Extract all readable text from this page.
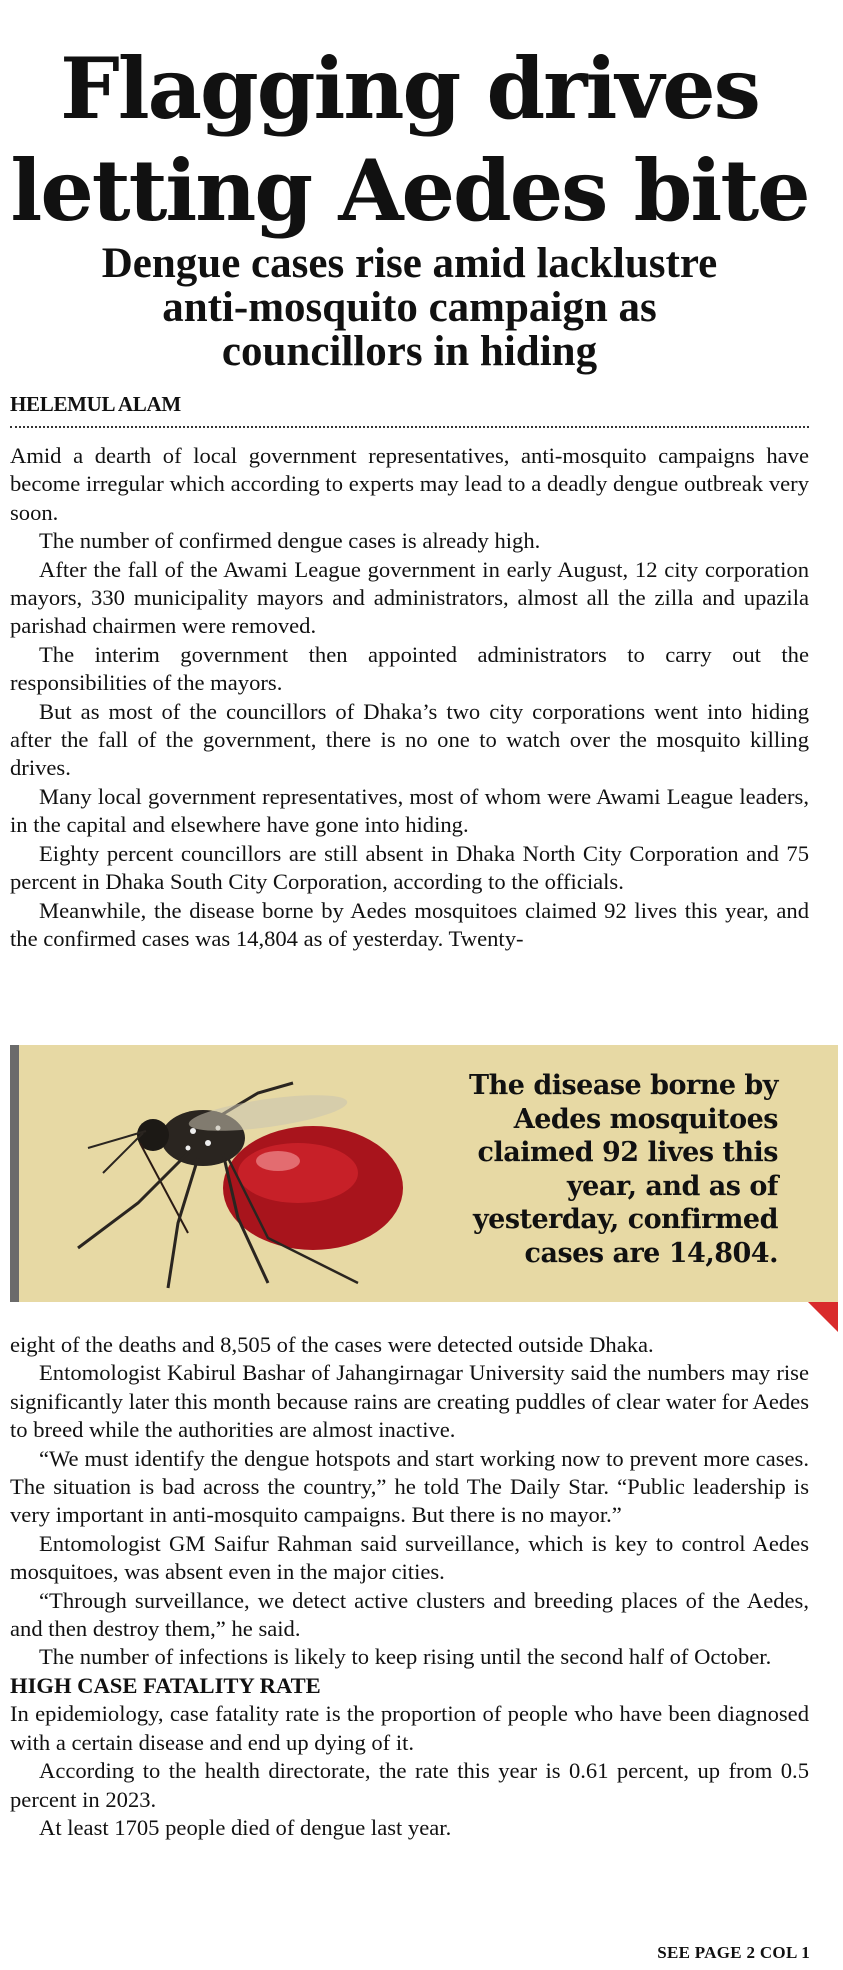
Flagging drives
letting Aedes bite
Dengue cases rise amid lacklustre
anti-mosquito campaign as
councillors in hiding
HELEMUL ALAM

Amid a dearth of local government representatives, anti-mosquito campaigns have become irregular which according to experts may lead to a deadly dengue outbreak very soon.

The number of confirmed dengue cases is already high.

After the fall of the Awami League government in early August, 12 city corporation mayors, 330 municipality mayors and administrators, almost all the zilla and upazila parishad chairmen were removed.

The interim government then appointed administrators to carry out the responsibilities of the mayors.

But as most of the councillors of Dhaka’s two city corporations went into hiding after the fall of the government, there is no one to watch over the mosquito killing drives.

Many local government representatives, most of whom were Awami League leaders, in the capital and elsewhere have gone into hiding.

Eighty percent councillors are still absent in Dhaka North City Corporation and 75 percent in Dhaka South City Corporation, according to the officials.

Meanwhile, the disease borne by Aedes mosquitoes claimed 92 lives this year, and the confirmed cases was 14,804 as of yesterday. Twenty-

The disease borne by Aedes mosquitoes claimed 92 lives this year, and as of yesterday, confirmed cases are 14,804.

eight of the deaths and 8,505 of the cases were detected outside Dhaka.

Entomologist Kabirul Bashar of Jahangirnagar University said the numbers may rise significantly later this month because rains are creating puddles of clear water for Aedes to breed while the authorities are almost inactive.

“We must identify the dengue hotspots and start working now to prevent more cases. The situation is bad across the country,” he told The Daily Star. “Public leadership is very important in anti-mosquito campaigns. But there is no mayor.”

Entomologist GM Saifur Rahman said surveillance, which is key to control Aedes mosquitoes, was absent even in the major cities.

“Through surveillance, we detect active clusters and breeding places of the Aedes, and then destroy them,” he said.

The number of infections is likely to keep rising until the second half of October.

HIGH CASE FATALITY RATE

In epidemiology, case fatality rate is the proportion of people who have been diagnosed with a certain disease and end up dying of it.

According to the health directorate, the rate this year is 0.61 percent, up from 0.5 percent in 2023.

At least 1705 people died of dengue last year.

SEE PAGE 2 COL 1
